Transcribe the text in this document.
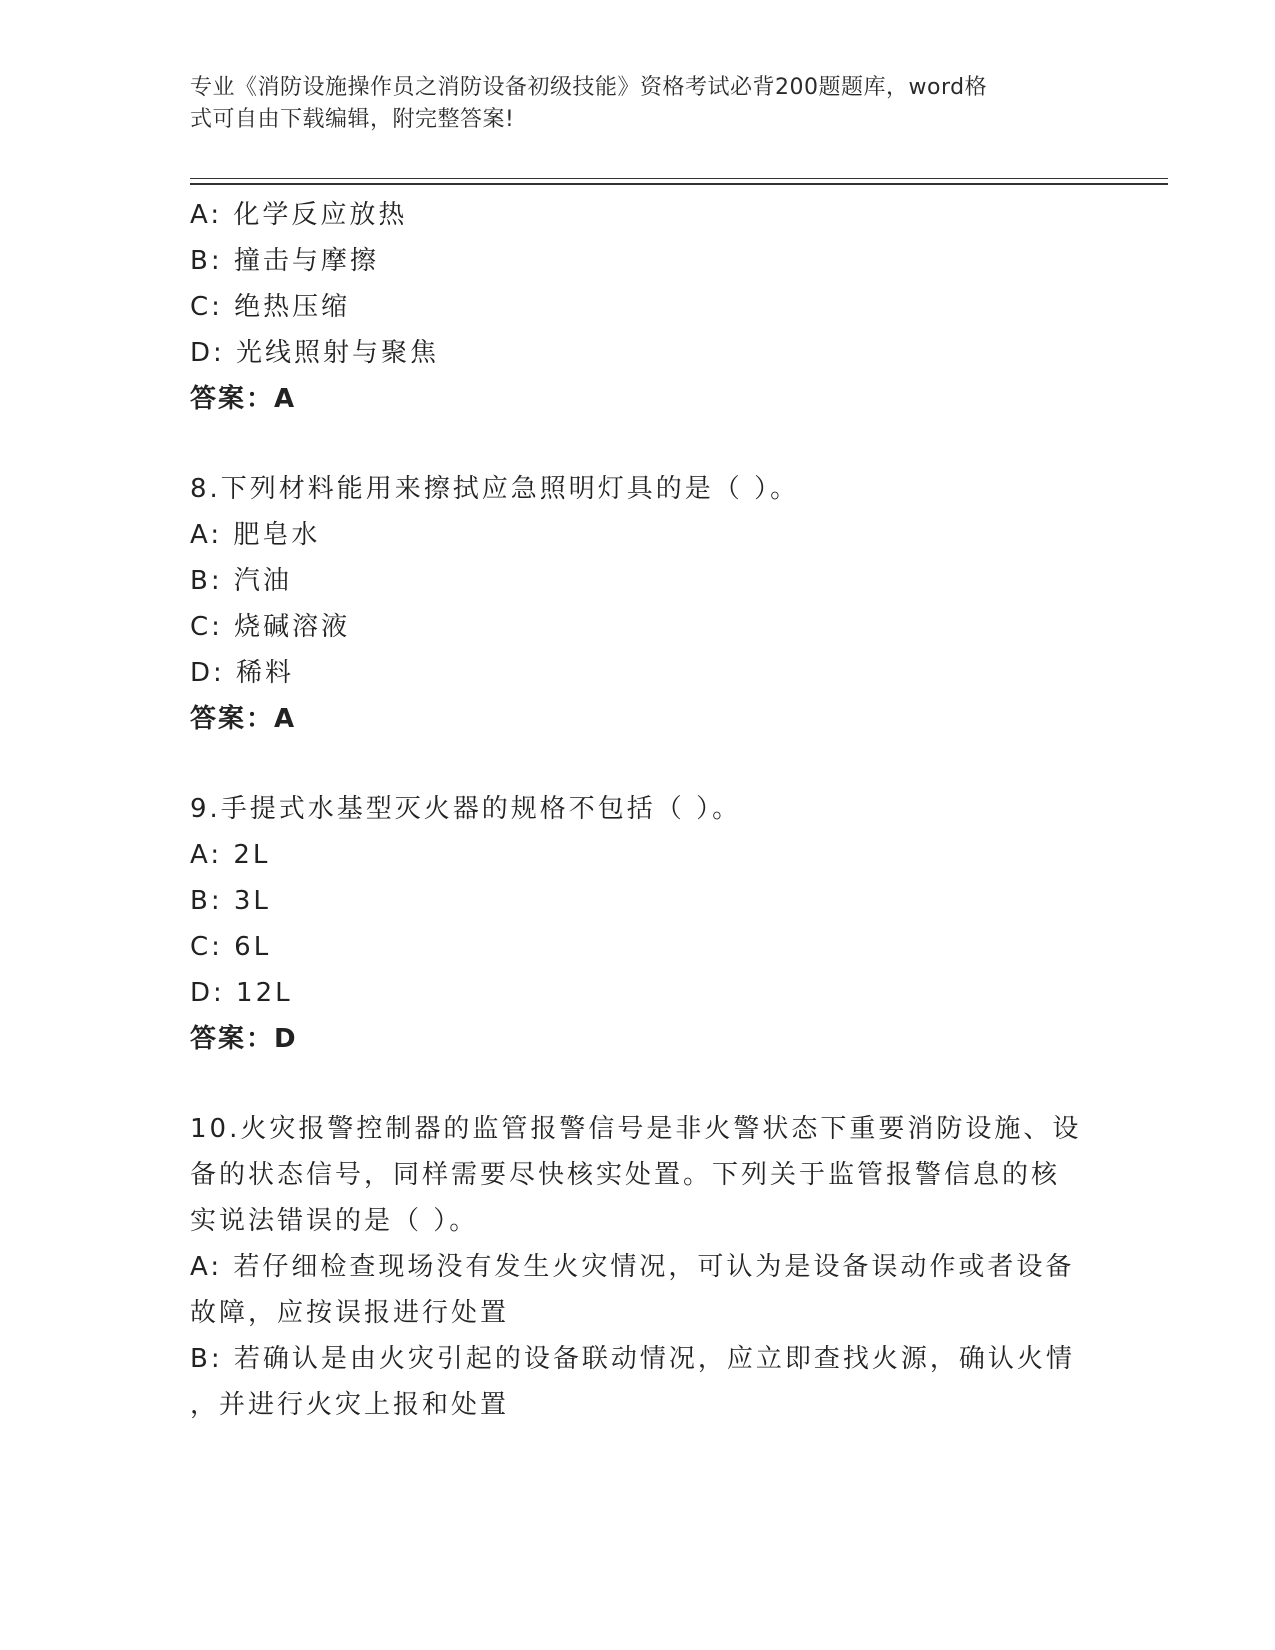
专业《消防设施操作员之消防设备初级技能》资格考试必背200题题库，word格
式可自由下载编辑，附完整答案!
A: 化学反应放热
B: 撞击与摩擦
C: 绝热压缩
D: 光线照射与聚焦
答案：A
8.下列材料能用来擦拭应急照明灯具的是（ ）。
A: 肥皂水
B: 汽油
C: 烧碱溶液
D: 稀料
答案：A
9.手提式水基型灭火器的规格不包括（ ）。
A: 2L
B: 3L
C: 6L
D: 12L
答案：D
10.火灾报警控制器的监管报警信号是非火警状态下重要消防设施、设
备的状态信号，同样需要尽快核实处置。下列关于监管报警信息的核
实说法错误的是（ ）。
A: 若仔细检查现场没有发生火灾情况，可认为是设备误动作或者设备
故障，应按误报进行处置
B: 若确认是由火灾引起的设备联动情况，应立即查找火源，确认火情
，并进行火灾上报和处置
